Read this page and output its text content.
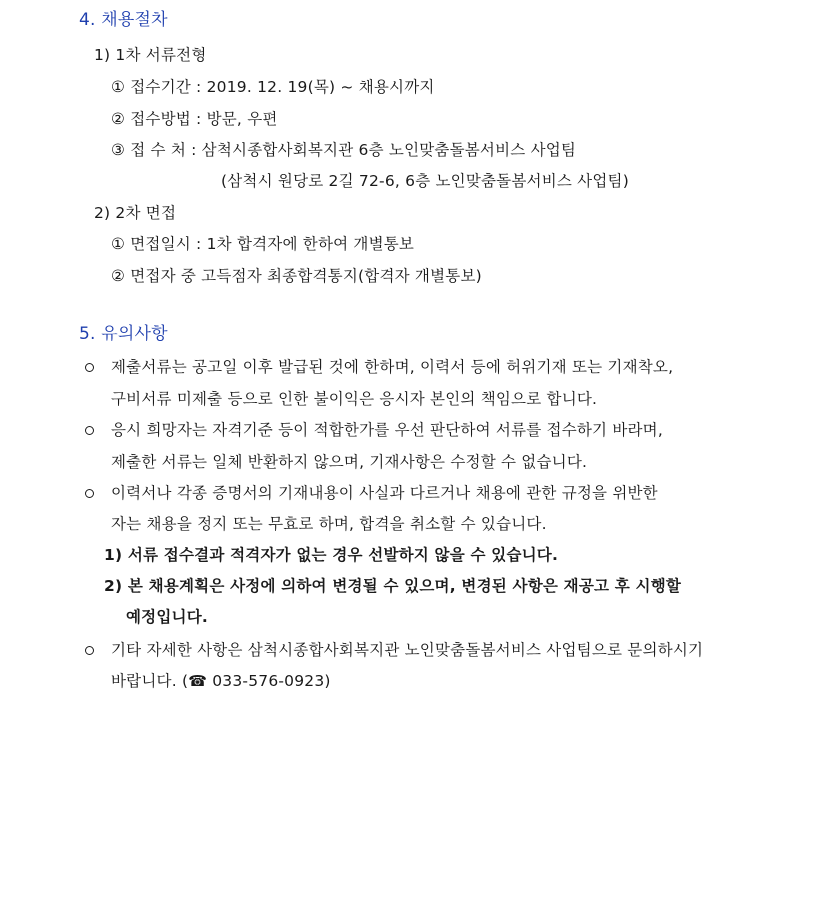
4. 채용절차
1) 1차 서류전형
① 접수기간 : 2019. 12. 19(목) ~ 채용시까지
② 접수방법 : 방문, 우편
③ 접 수 처 : 삼척시종합사회복지관 6층 노인맞춤돌봄서비스 사업팀
(삼척시 원당로 2길 72-6, 6층 노인맞춤돌봄서비스 사업팀)
2) 2차 면접
① 면접일시 : 1차 합격자에 한하여 개별통보
② 면접자 중 고득점자 최종합격통지(합격자 개별통보)
5. 유의사항
제출서류는 공고일 이후 발급된 것에 한하며, 이력서 등에 허위기재 또는 기재착오,
구비서류 미제출 등으로 인한 불이익은 응시자 본인의 책임으로 합니다.
응시 희망자는 자격기준 등이 적합한가를 우선 판단하여 서류를 접수하기 바라며,
제출한 서류는 일체 반환하지 않으며, 기재사항은 수정할 수 없습니다.
이력서나 각종 증명서의 기재내용이 사실과 다르거나 채용에 관한 규정을 위반한
자는 채용을 정지 또는 무효로 하며, 합격을 취소할 수 있습니다.
1) 서류 접수결과 적격자가 없는 경우 선발하지 않을 수 있습니다.
2) 본 채용계획은 사정에 의하여 변경될 수 있으며, 변경된 사항은 재공고 후 시행할
예정입니다.
기타 자세한 사항은 삼척시종합사회복지관 노인맞춤돌봄서비스 사업팀으로 문의하시기
바랍니다. (☎ 033-576-0923)
